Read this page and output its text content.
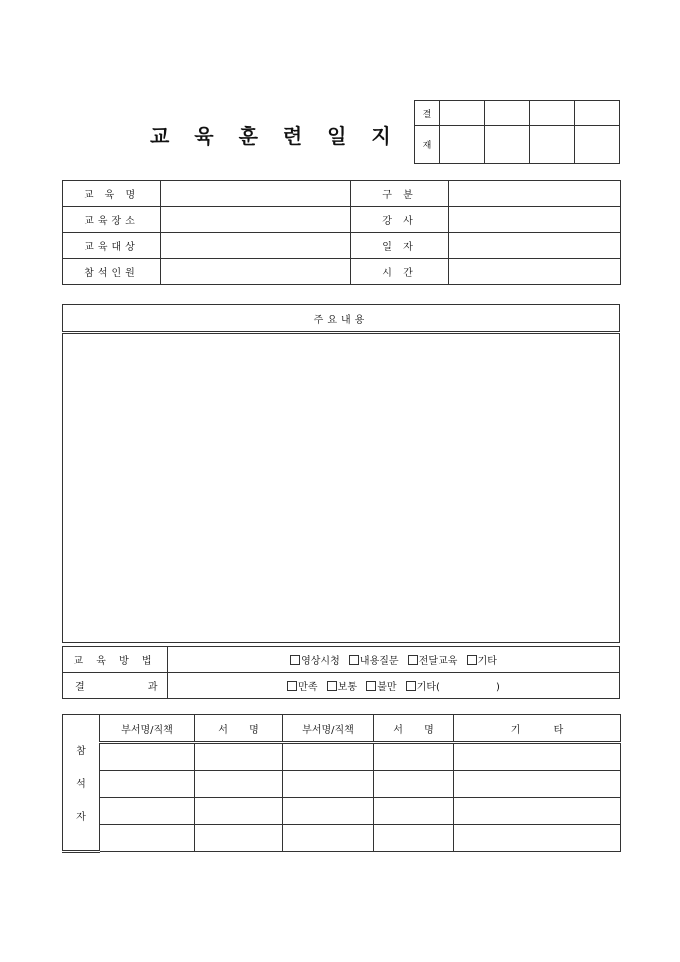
교 육 훈 련 일 지
결				
재				
교 육 명		구 분	
교육장소		강 사	
교육대상		일 자	
참석인원		시 간	
주요내용

교 육 방 법	영상시청 내용질문 전달교육 기타
결 과	만족 보통 불만 기타( )
참
석
자	부서명/직책	서 명	부서명/직책	서 명	기 타
